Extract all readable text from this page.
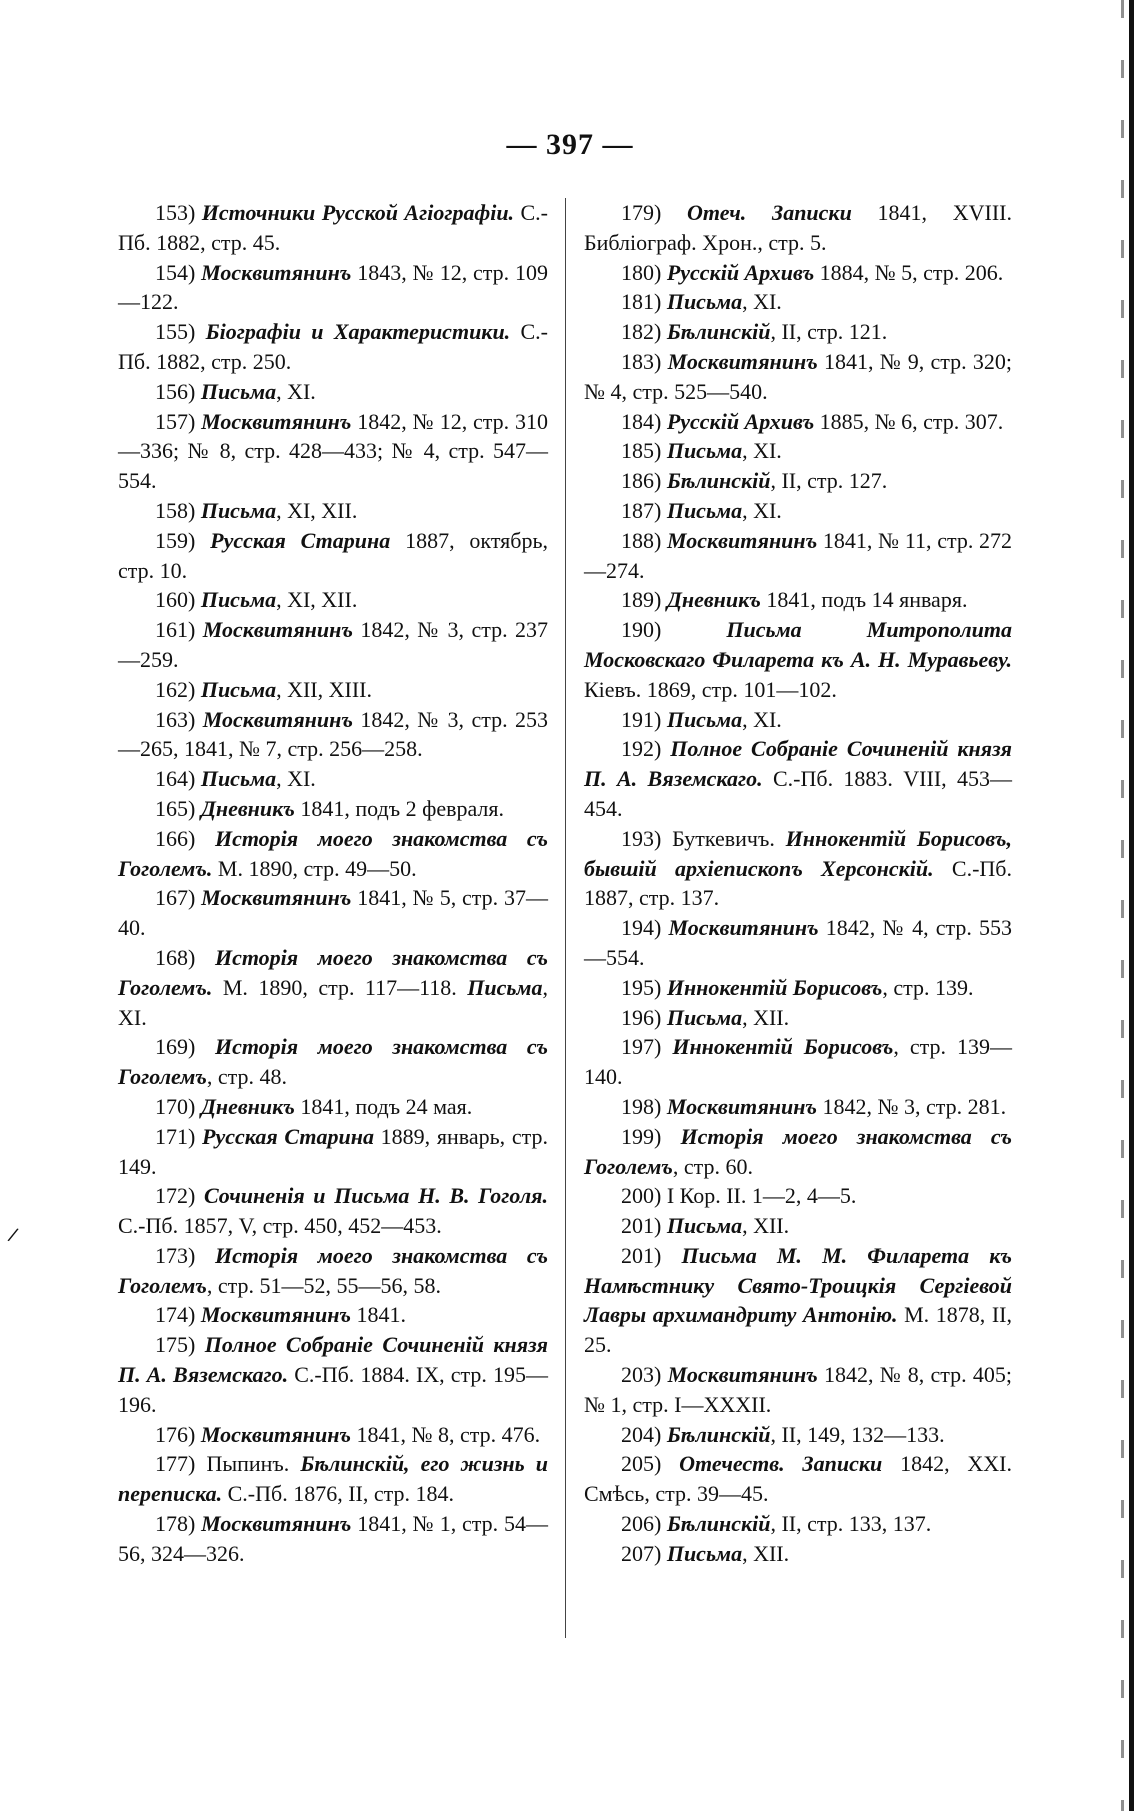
— 397 —

153) Источники Русской Агіографіи. С.-Пб. 1882, стр. 45.

154) Москвитянинъ 1843, № 12, стр. 109—122.

155) Біографіи и Характеристики. С.-Пб. 1882, стр. 250.

156) Письма, XI.

157) Москвитянинъ 1842, № 12, стр. 310—336; № 8, стр. 428—433; № 4, стр. 547—554.

158) Письма, XI, XII.

159) Русская Старина 1887, октябрь, стр. 10.

160) Письма, XI, XII.

161) Москвитянинъ 1842, № 3, стр. 237—259.

162) Письма, XII, XIII.

163) Москвитянинъ 1842, № 3, стр. 253—265, 1841, № 7, стр. 256—258.

164) Письма, XI.

165) Дневникъ 1841, подъ 2 февраля.

166) Исторія моего знакомства съ Гоголемъ. М. 1890, стр. 49—50.

167) Москвитянинъ 1841, № 5, стр. 37—40.

168) Исторія моего знакомства съ Гоголемъ. М. 1890, стр. 117—118. Письма, XI.

169) Исторія моего знакомства съ Гоголемъ, стр. 48.

170) Дневникъ 1841, подъ 24 мая.

171) Русская Старина 1889, январь, стр. 149.

172) Сочиненія и Письма Н. В. Гоголя. С.-Пб. 1857, V, стр. 450, 452—453.

173) Исторія моего знакомства съ Гоголемъ, стр. 51—52, 55—56, 58.

174) Москвитянинъ 1841.

175) Полное Собраніе Сочиненій князя П. А. Вяземскаго. С.-Пб. 1884. IX, стр. 195—196.

176) Москвитянинъ 1841, № 8, стр. 476.

177) Пыпинъ. Бѣлинскій, его жизнь и переписка. С.-Пб. 1876, II, стр. 184.

178) Москвитянинъ 1841, № 1, стр. 54—56, 324—326.

179) Отеч. Записки 1841, XVIII. Библіограф. Хрон., стр. 5.

180) Русскій Архивъ 1884, № 5, стр. 206.

181) Письма, XI.

182) Бѣлинскій, II, стр. 121.

183) Москвитянинъ 1841, № 9, стр. 320; № 4, стр. 525—540.

184) Русскій Архивъ 1885, № 6, стр. 307.

185) Письма, XI.

186) Бѣлинскій, II, стр. 127.

187) Письма, XI.

188) Москвитянинъ 1841, № 11, стр. 272—274.

189) Дневникъ 1841, подъ 14 января.

190)	Письма Митрополита Московскаго Филарета къ А. Н. Муравьеву. Кіевъ. 1869, стр. 101—102.

191) Письма, XI.

192) Полное Собраніе Сочиненій князя П. А. Вяземскаго. С.-Пб. 1883. VIII, 453—454.

193) Буткевичъ. Иннокентій Борисовъ, бывшій архіепископъ Херсонскій. С.-Пб. 1887, стр. 137.

194) Москвитянинъ 1842, № 4, стр. 553—554.

195) Иннокентій Борисовъ, стр. 139.

196) Письма, XII.

197) Иннокентій Борисовъ, стр. 139—140.

198) Москвитянинъ 1842, № 3, стр. 281.

199) Исторія моего знакомства съ Гоголемъ, стр. 60.

200) I Кор. II. 1—2, 4—5.

201) Письма, XII.

201) Письма М. М. Филарета къ Намѣстнику Свято-Троицкія Сергіевой Лавры архимандриту Антонію. М. 1878, II, 25.

203) Москвитянинъ 1842, № 8, стр. 405; № 1, стр. I—XXXII.

204) Бѣлинскій, II, 149, 132—133.

205) Отечеств. Записки 1842, XXI. Смѣсь, стр. 39—45.

206) Бѣлинскій, II, стр. 133, 137.

207) Письма, XII.

/
